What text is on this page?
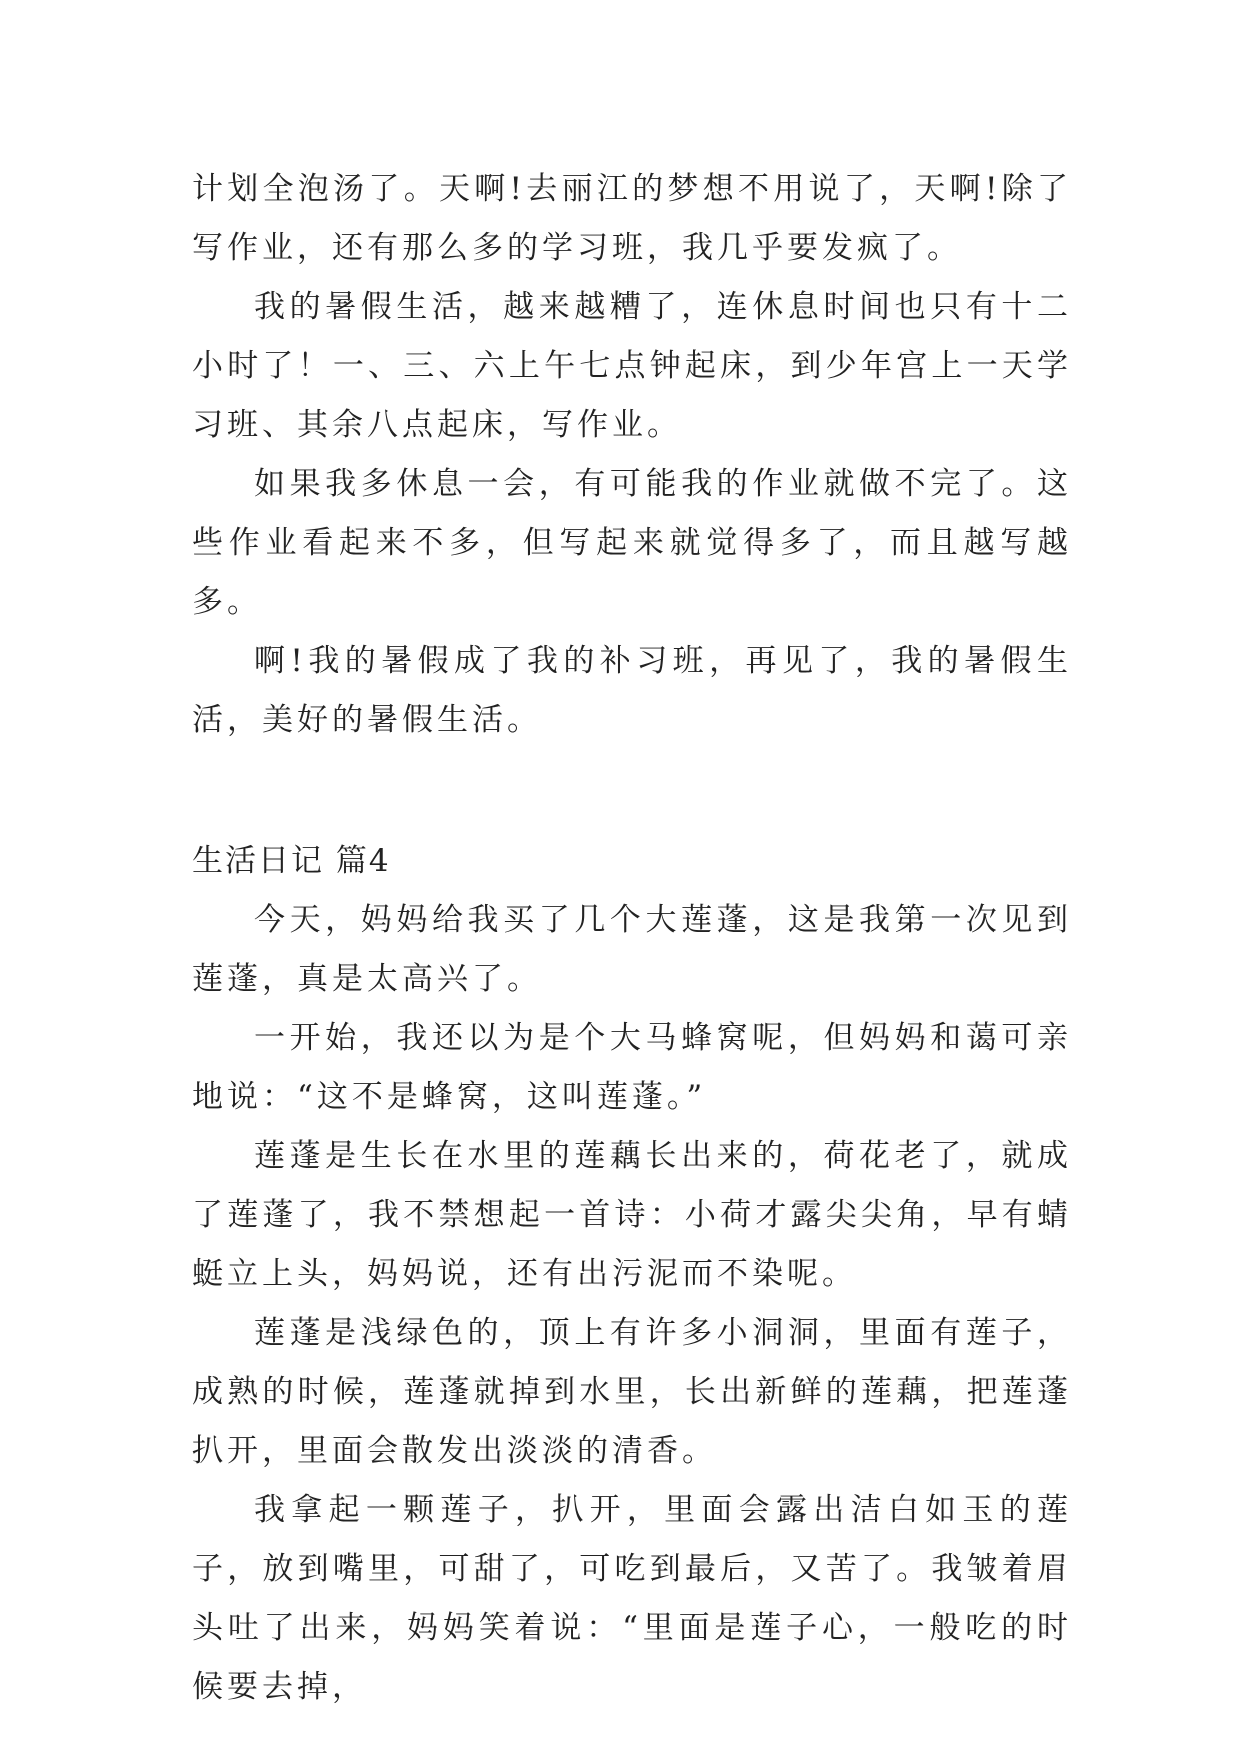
计划全泡汤了。天啊!去丽江的梦想不用说了，天啊!除了写作业，还有那么多的学习班，我几乎要发疯了。

我的暑假生活，越来越糟了，连休息时间也只有十二小时了！一、三、六上午七点钟起床，到少年宫上一天学习班、其余八点起床，写作业。

如果我多休息一会，有可能我的作业就做不完了。这些作业看起来不多，但写起来就觉得多了，而且越写越多。

啊!我的暑假成了我的补习班，再见了，我的暑假生活，美好的暑假生活。

生活日记 篇4

今天，妈妈给我买了几个大莲蓬，这是我第一次见到莲蓬，真是太高兴了。

一开始，我还以为是个大马蜂窝呢，但妈妈和蔼可亲地说：“这不是蜂窝，这叫莲蓬。”

莲蓬是生长在水里的莲藕长出来的，荷花老了，就成了莲蓬了，我不禁想起一首诗：小荷才露尖尖角，早有蜻蜓立上头，妈妈说，还有出污泥而不染呢。

莲蓬是浅绿色的，顶上有许多小洞洞，里面有莲子，成熟的时候，莲蓬就掉到水里，长出新鲜的莲藕，把莲蓬扒开，里面会散发出淡淡的清香。

我拿起一颗莲子，扒开，里面会露出洁白如玉的莲子，放到嘴里，可甜了，可吃到最后，又苦了。我皱着眉头吐了出来，妈妈笑着说：“里面是莲子心，一般吃的时候要去掉，
